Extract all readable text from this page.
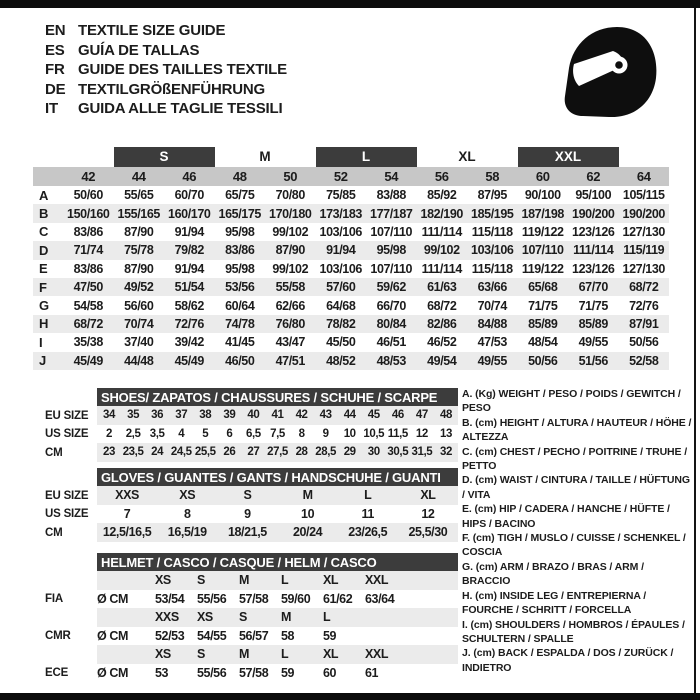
EN TEXTILE SIZE GUIDE
ES GUÍA DE TALLAS
FR GUIDE DES TAILLES TEXTILE
DE TEXTILGRÖßENFÜHRUNG
IT	GUIDA ALLE TAGLIE TESSILI
S	M	L	XL	XXL
42	44	46	48	50	52	54	56	58	60	62	64
A	50/60	55/65	60/70	65/75	70/80	75/85	83/88	85/92	87/95	90/100	95/100 105/115
B	150/160 155/165 160/170 165/175 170/180 173/183 177/187 182/190 185/195 187/198 190/200 190/200
C	83/86	87/90	91/94	95/98	99/102 103/106 107/110 111/114 115/118 119/122 123/126 127/130
D	71/74	75/78	79/82	83/86	87/90	91/94	95/98	99/102 103/106 107/110 111/114 115/119
E	83/86	87/90	91/94	95/98	99/102 103/106 107/110 111/114 115/118 119/122 123/126 127/130
F	47/50	49/52	51/54	53/56	55/58	57/60	59/62	61/63	63/66	65/68	67/70	68/72
G	54/58	56/60	58/62	60/64	62/66	64/68	66/70	68/72	70/74	71/75	71/75	72/76
H	68/72	70/74	72/76	74/78	76/80	78/82	80/84	82/86	84/88	85/89	85/89	87/91
I	35/38	37/40	39/42	41/45	43/47	45/50	46/51	46/52	47/53	48/54	49/55	50/56
J	45/49	44/48	45/49	46/50	47/51	48/52	48/53	49/54	49/55	50/56	51/56	52/58
EU SIZE
US SIZE
CM
SHOES/ ZAPATOS / CHAUSSURES / SCHUHE / SCARPE
34	35	36	37	38	39	40	41	42	43	44	45	46	47	48
2	2,5 3,5	4	5	6	6,5 7,5	8	9	10 10,5 11,5 12	13
23 23,5 24 24,5 25,5 26	27 27,5 28 28,5 29	30 30,5 31,5 32
EU SIZE
US SIZE
CM
GLOVES / GUANTES / GANTS / HANDSCHUHE / GUANTI
XXS	XS	S	M	L	XL
7	8	9	10	11	12
12,5/16,5	16,5/19	18/21,5	20/24	23/26,5	25,5/30
FIA
CMR
ECE
HELMET / CASCO / CASQUE / HELM / CASCO
XS	S	M	L	XL	XXL
Ø CM	53/54	55/56	57/58	59/60	61/62	63/64
XXS	XS	S	M	L
Ø CM	52/53	54/55	56/57	58	59
XS	S	M	L	XL	XXL
Ø CM	53	55/56	57/58	59	60	61
A. (Kg) WEIGHT / PESO / POIDS / GEWITCH / PESO
B. (cm) HEIGHT / ALTURA / HAUTEUR / HÖHE / ALTEZZA
C. (cm) CHEST / PECHO / POITRINE / TRUHE / PETTO
D. (cm) WAIST / CINTURA / TAILLE / HÜFTUNG / VITA
E. (cm) HIP / CADERA / HANCHE / HÜFTE / HIPS / BACINO
F. (cm) TIGH / MUSLO / CUISSE / SCHENKEL / COSCIA
G. (cm) ARM / BRAZO / BRAS / ARM / BRACCIO
H. (cm) INSIDE LEG / ENTREPIERNA / FOURCHE / SCHRITT / FORCELLA
I. (cm) SHOULDERS / HOMBROS / ÉPAULES / SCHULTERN / SPALLE
J. (cm) BACK / ESPALDA / DOS / ZURÜCK / INDIETRO
